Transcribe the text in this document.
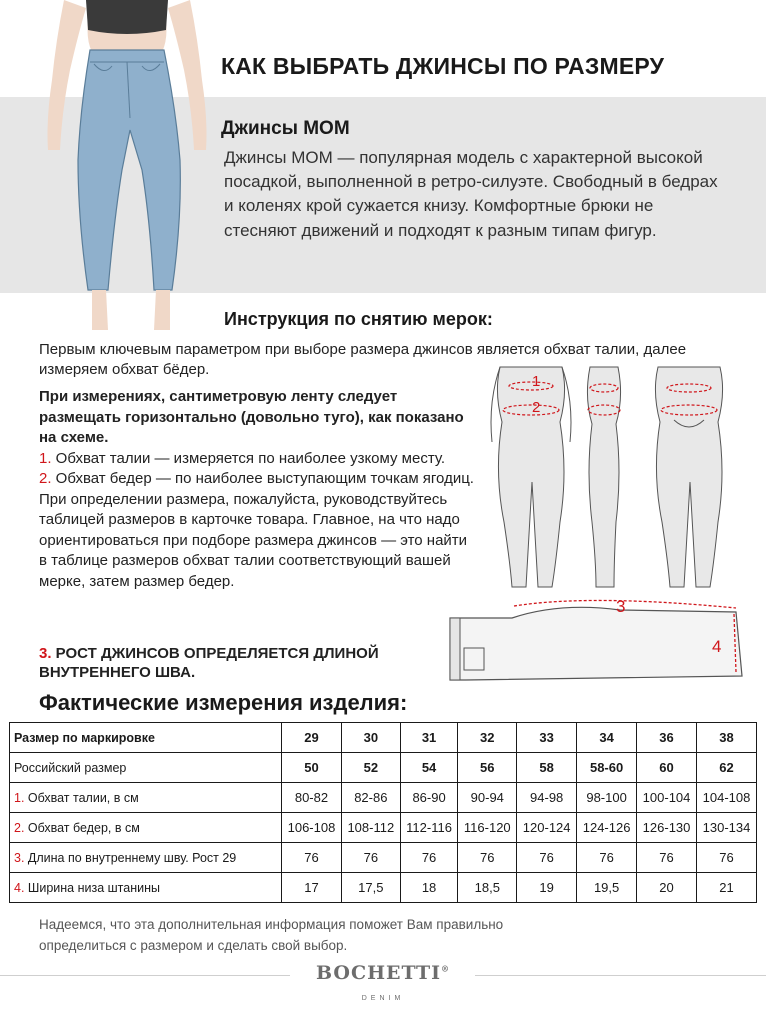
КАК ВЫБРАТЬ ДЖИНСЫ ПО РАЗМЕРУ
Джинсы MOM
Джинсы MOM — популярная модель с характерной высокой посадкой, выполненной в ретро-силуэте. Свободный в бедрах и коленях крой сужается книзу. Комфортные брюки не стесняют движений и подходят к разным типам фигур.
Инструкция по снятию мерок:
Первым ключевым параметром при выборе размера джинсов является обхват талии, далее измеряем обхват бёдер.

При измерениях, сантиметровую ленту следует размещать горизонтально (довольно туго), как показано на схеме.

1. Обхват талии — измеряется по наиболее узкому месту.

2. Обхват бедер — по наиболее выступающим точкам ягодиц.

При определении размера, пожалуйста, руководствуйтесь таблицей размеров в карточке товара. Главное, на что надо ориентироваться при подборе размера джинсов — это найти в таблице размеров обхват талии соответствующий вашей мерке, затем размер бедер.

3. РОСТ ДЖИНСОВ ОПРЕДЕЛЯЕТСЯ ДЛИНОЙ ВНУТРЕННЕГО ШВА.
1
2
3
4
Фактические измерения изделия:
Размер по маркировке	29	30	31	32	33	34	36	38
Российский размер	50	52	54	56	58	58-60	60	62
1. Обхват талии, в см	80-82	82-86	86-90	90-94	94-98	98-100	100-104	104-108
2. Обхват бедер, в см	106-108	108-112	112-116	116-120	120-124	124-126	126-130	130-134
3. Длина по внутреннему шву. Рост 29	76	76	76	76	76	76	76	76
4. Ширина низа штанины	17	17,5	18	18,5	19	19,5	20	21
Надеемся, что эта дополнительная информация поможет Вам правильно определиться с размером и сделать свой выбор.
BOCHETTI®
DENIM
